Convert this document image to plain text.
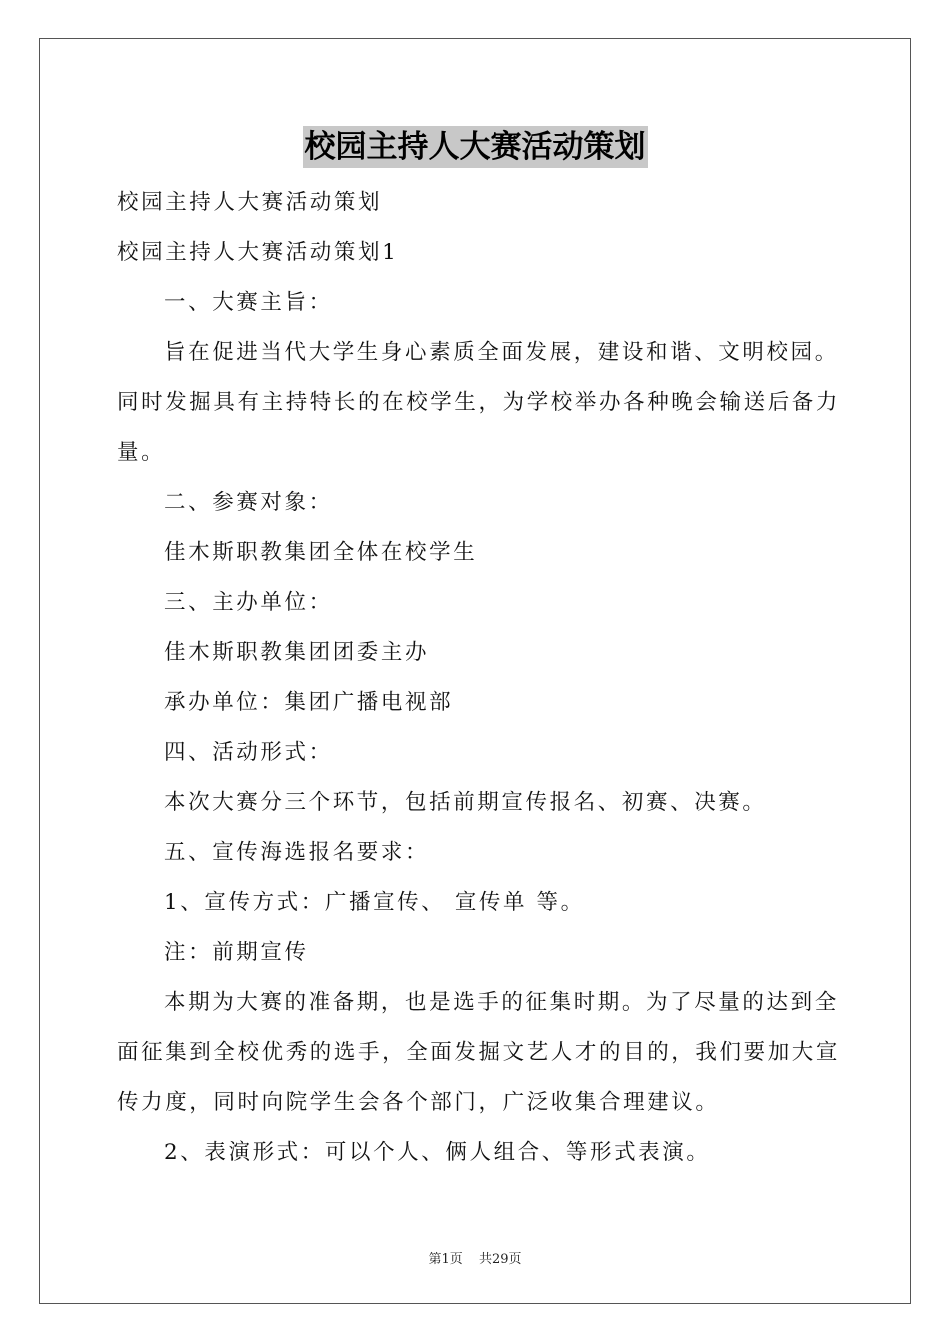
校园主持人大赛活动策划

校园主持人大赛活动策划

校园主持人大赛活动策划1

一、大赛主旨：

旨在促进当代大学生身心素质全面发展，建设和谐、文明校园。

同时发掘具有主持特长的在校学生，为学校举办各种晚会输送后备力

量。

二、参赛对象：

佳木斯职教集团全体在校学生

三、主办单位：

佳木斯职教集团团委主办

承办单位：集团广播电视部

四、活动形式：

本次大赛分三个环节，包括前期宣传报名、初赛、决赛。

五、宣传海选报名要求：

1、宣传方式：广播宣传、 宣传单 等。

注：前期宣传

本期为大赛的准备期，也是选手的征集时期。为了尽量的达到全

面征集到全校优秀的选手，全面发掘文艺人才的目的，我们要加大宣

传力度，同时向院学生会各个部门，广泛收集合理建议。

2、表演形式：可以个人、俩人组合、等形式表演。

第1页 共29页
